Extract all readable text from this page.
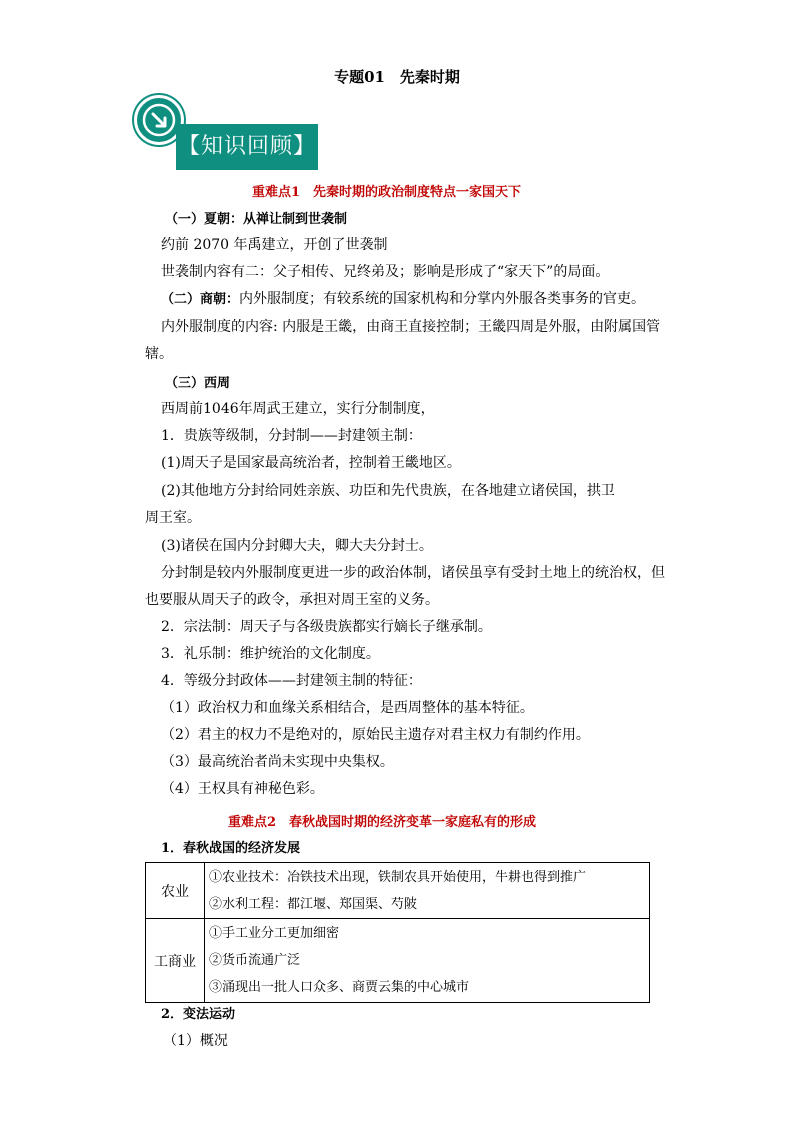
专题01　先秦时期
【知识回顾】
重难点1　先秦时期的政治制度特点一家国天下
（一）夏朝：从禅让制到世袭制
约前 2070 年禹建立，开创了世袭制
世袭制内容有二：父子相传、兄终弟及；影响是形成了“家天下”的局面。
（二）商朝：内外服制度；有较系统的国家机构和分掌内外服各类事务的官吏。
内外服制度的内容: 内服是王畿，由商王直接控制；王畿四周是外服，由附属国管
辖。
（三）西周
西周前1046年周武王建立，实行分制制度，
1．贵族等级制，分封制——封建领主制：
(1)周天子是国家最高统治者，控制着王畿地区。
(2)其他地方分封给同姓亲族、功臣和先代贵族，在各地建立诸侯国，拱卫
周王室。
(3)诸侯在国内分封卿大夫，卿大夫分封士。
分封制是较内外服制度更进一步的政治体制，诸侯虽享有受封土地上的统治权，但
也要服从周天子的政令，承担对周王室的义务。
2．宗法制：周天子与各级贵族都实行嫡长子继承制。
3．礼乐制：维护统治的文化制度。
4．等级分封政体——封建领主制的特征：
（1）政治权力和血缘关系相结合，是西周整体的基本特征。
（2）君主的权力不是绝对的，原始民主遗存对君主权力有制约作用。
（3）最高统治者尚未实现中央集权。
（4）王权具有神秘色彩。
重难点2　春秋战国时期的经济变革一家庭私有的形成
1．春秋战国的经济发展
农业	①农业技术：冶铁技术出现，铁制农具开始使用，牛耕也得到推广
②水利工程：都江堰、郑国渠、芍陂

工商业	①手工业分工更加细密
②货币流通广泛
③涌现出一批人口众多、商贾云集的中心城市
2．变法运动
（1）概况
